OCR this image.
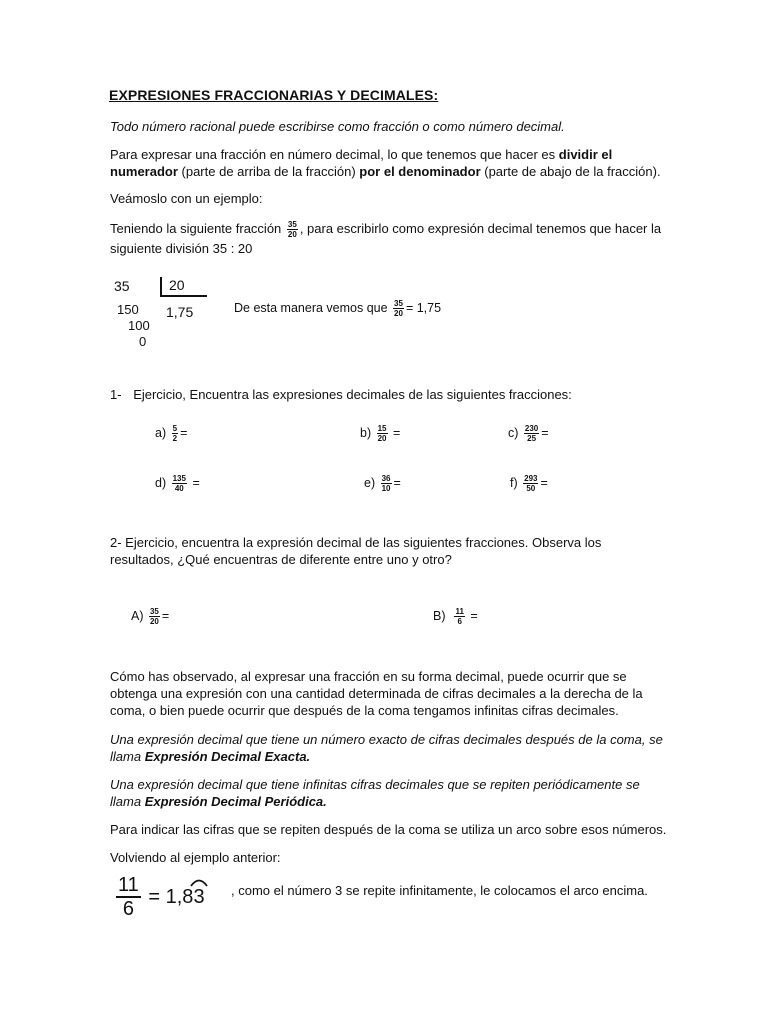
EXPRESIONES FRACCIONARIAS Y DECIMALES:
Todo número racional puede escribirse como fracción o como número decimal.
Para expresar una fracción en número decimal, lo que tenemos que hacer es dividir el numerador (parte de arriba de la fracción) por el denominador (parte de abajo de la fracción).
Veámoslo con un ejemplo:
Teniendo la siguiente fracción $\frac{35}{20}$ , para escribirlo como expresión decimal tenemos que hacer la siguiente división 35 : 20
35	20
150 1,75
100
0
De esta manera vemos que $\frac{35}{20} = 1,75$
1- Ejercicio, Encuentra las expresiones decimales de las siguientes fracciones:
$a) \frac{5}{2}$ =	$b) \frac{15}{20}$ =	$c) \frac{230}{25}$ =
$d) \frac{135}{40}$ =	$e) \frac{36}{10}$ =	$f) \frac{293}{50}$ =
2- Ejercicio, encuentra la expresión decimal de las siguientes fracciones. Observa los resultados, ¿Qué encuentras de diferente entre uno y otro?
$A) \frac{35}{20}$ =	$B) \frac{11}{6}$ =
Cómo has observado, al expresar una fracción en su forma decimal, puede ocurrir que se obtenga una expresión con una cantidad determinada de cifras decimales a la derecha de la coma, o bien puede ocurrir que después de la coma tengamos infinitas cifras decimales.
Una expresión decimal que tiene un número exacto de cifras decimales después de la coma, se llama Expresión Decimal Exacta.
Una expresión decimal que tiene infinitas cifras decimales que se repiten periódicamente se llama Expresión Decimal Periódica.
Para indicar las cifras que se repiten después de la coma se utiliza un arco sobre esos números.
Volviendo al ejemplo anterior:
$\frac{11}{6} = 1,8$
3 , como el número 3 se repite infinitamente, le colocamos el arco encima.
